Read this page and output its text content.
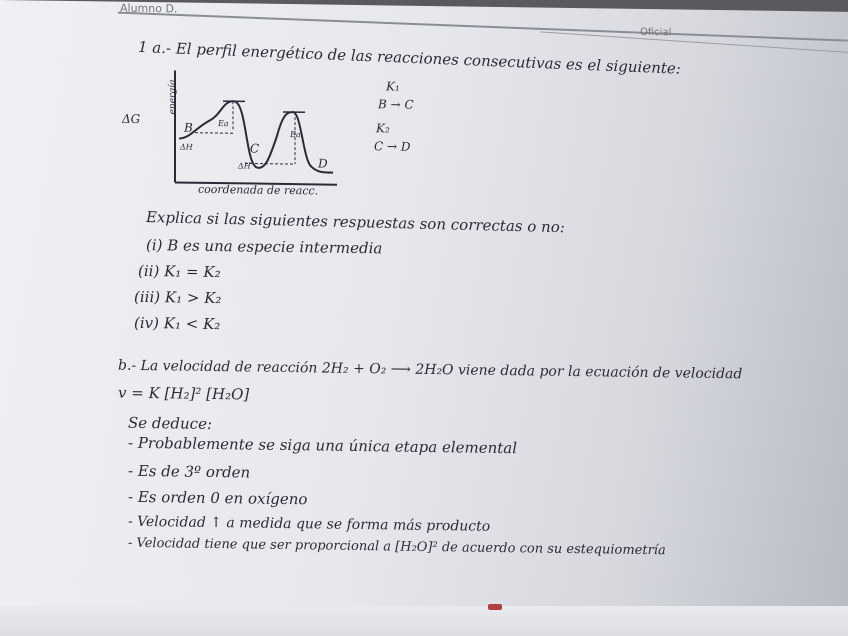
Alumno D.
Oficial
1 a.- El perfil energético de las reacciones consecutivas es el siguiente:
energía
coordenada de reacc.
ΔG
B
C
D
Ea
Ea
ΔH
ΔH
K₁
B → C
K₂
C → D
Explica si las siguientes respuestas son correctas o no:
(i) B es una especie intermedia
(ii) K₁ = K₂
(iii) K₁ > K₂
(iv) K₁ < K₂
b.- La velocidad de reacción 2H₂ + O₂ ⟶ 2H₂O viene dada por la ecuación de velocidad
v = K [H₂]² [H₂O]
Se deduce:
- Probablemente se siga una única etapa elemental
- Es de 3º orden
- Es orden 0 en oxígeno
- Velocidad ↑ a medida que se forma más producto
- Velocidad tiene que ser proporcional a [H₂O]² de acuerdo con su estequiometría
